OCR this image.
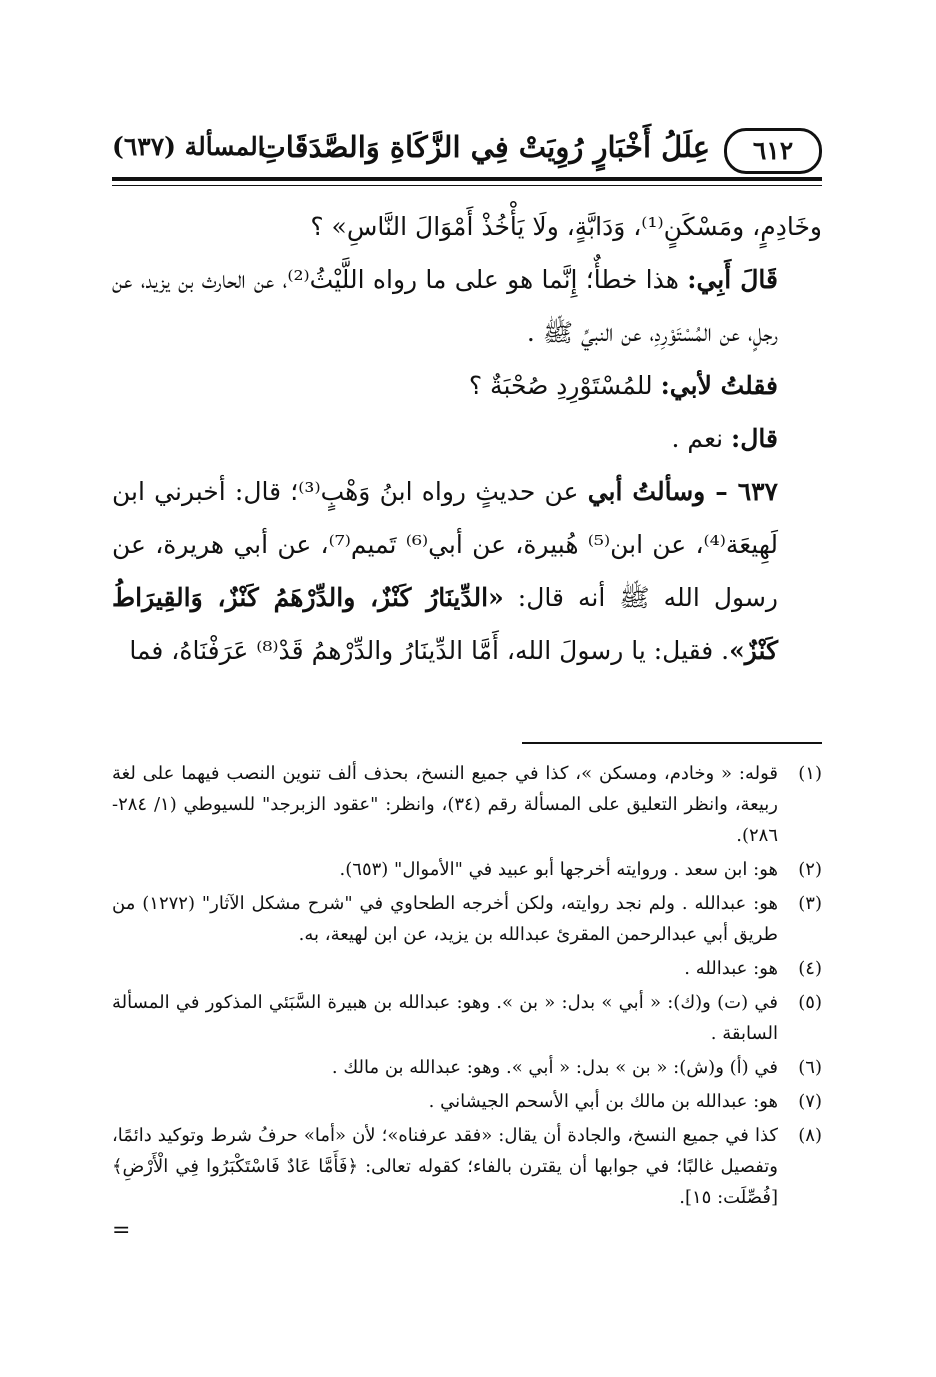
٦١٢
عِلَلُ أَخْبَارٍ رُوِيَتْ فِي الزَّكَاةِ وَالصَّدَقَاتِ
المسألة (٦٣٧)

وخَادِمٍ، ومَسْكَنٍ⁽¹⁾، وَدَابَّةٍ، ولَا يَأْخُذْ أَمْوَالَ النَّاسِ» ؟

قَالَ أَبِي: هذا خطأٌ؛ إِنَّما هو على ما رواه اللَّيْثُ⁽²⁾، عن الحارث بن يزيد، عن رجلٍ، عن المُسْتَوْرِدِ، عن النبيِّ ﷺ .

فقلتُ لأبي: للمُسْتَوْرِدِ صُحْبَةٌ ؟

قال: نعم .

٦٣٧ – وسألتُ أبي عن حديثٍ رواه ابنُ وَهْبٍ⁽³⁾؛ قال: أخبرني ابن لَهِيعَة⁽⁴⁾، عن ابن⁽⁵⁾ هُبيرة، عن أبي⁽⁶⁾ تَميم⁽⁷⁾، عن أبي هريرة، عن رسول الله ﷺ أنه قال: «الدِّينَارُ كَنْزٌ، والدِّرْهَمُ كَنْزٌ، وَالقِيرَاطُ كَنْزٌ». فقيل: يا رسولَ الله، أَمَّا الدِّينَارُ والدِّرْهمُ قَدْ⁽⁸⁾ عَرَفْنَاهُ، فما

(١)
قوله: « وخادم، ومسكن »، كذا في جميع النسخ، بحذف ألف تنوين النصب فيهما على لغة ربيعة، وانظر التعليق على المسألة رقم (٣٤)، وانظر: "عقود الزبرجد" للسيوطي (١/ ٢٨٤- ٢٨٦).
(٢)
هو: ابن سعد . وروايته أخرجها أبو عبيد في "الأموال" (٦٥٣).
(٣)
هو: عبدالله . ولم نجد روايته، ولكن أخرجه الطحاوي في "شرح مشكل الآثار" (١٢٧٢) من طريق أبي عبدالرحمن المقرئ عبدالله بن يزيد، عن ابن لهيعة، به.
(٤)
هو: عبدالله .
(٥)
في (ت) و(ك): « أبي » بدل: « بن ». وهو: عبدالله بن هبيرة السَّبَئي المذكور في المسألة السابقة .
(٦)
في (أ) و(ش): « بن » بدل: « أبي ». وهو: عبدالله بن مالك .
(٧)
هو: عبدالله بن مالك بن أبي الأسحم الجيشاني .
(٨)
كذا في جميع النسخ، والجادة أن يقال: «فقد عرفناه»؛ لأن «أما» حرفُ شرط وتوكيد دائمًا، وتفصيل غالبًا؛ في جوابها أن يقترن بالفاء؛ كقوله تعالى: ﴿فَأَمَّا عَادٌ فَاسْتَكْبَرُوا فِي الْأَرْضِ﴾ [فُصِّلَت: ١٥].
=
